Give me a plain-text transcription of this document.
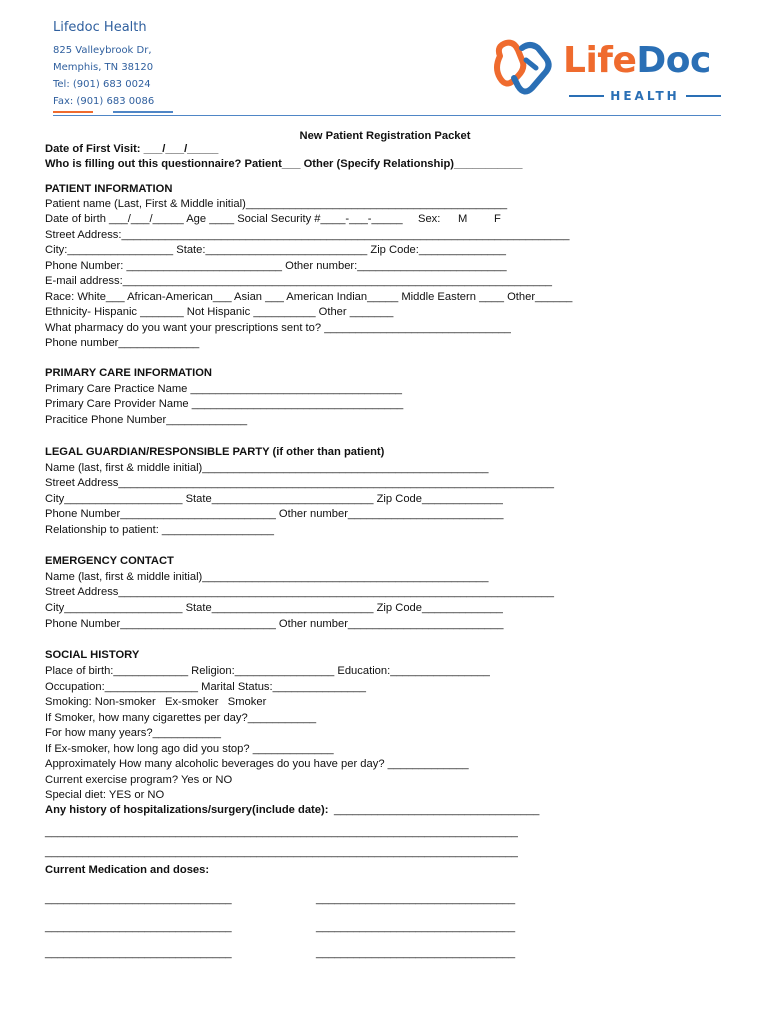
Lifedoc Health
825 Valleybrook Dr,
Memphis, TN 38120
Tel: (901) 683 0024
Fax: (901) 683 0086
LifeDoc
HEALTH
New Patient Registration Packet
Date of First Visit: ___/___/_____
Who is filling out this questionnaire? Patient___ Other (Specify Relationship)___________
PATIENT INFORMATION
Patient name (Last, First & Middle initial)__________________________________________
Date of birth ___/___/_____ Age ____ Social Security #____-___-_____ Sex: M F
Street Address:________________________________________________________________________
City:_________________ State:__________________________ Zip Code:______________
Phone Number: _________________________ Other number:________________________
E-mail address:_____________________________________________________________________
Race: White___ African-American___ Asian ___ American Indian_____ Middle Eastern ____ Other______
Ethnicity- Hispanic _______ Not Hispanic __________ Other _______
What pharmacy do you want your prescriptions sent to? ______________________________
Phone number_____________
PRIMARY CARE INFORMATION
Primary Care Practice Name __________________________________
Primary Care Provider Name __________________________________
Pracitice Phone Number_____________
LEGAL GUARDIAN/RESPONSIBLE PARTY (if other than patient)
Name (last, first & middle initial)______________________________________________
Street Address______________________________________________________________________
City___________________ State__________________________ Zip Code_____________
Phone Number_________________________ Other number_________________________
Relationship to patient: __________________
EMERGENCY CONTACT
Name (last, first & middle initial)______________________________________________
Street Address______________________________________________________________________
City___________________ State__________________________ Zip Code_____________
Phone Number_________________________ Other number_________________________
SOCIAL HISTORY
Place of birth:____________ Religion:________________ Education:________________
Occupation:_______________ Marital Status:_______________
Smoking: Non-smoker   Ex-smoker   Smoker
If Smoker, how many cigarettes per day?___________
For how many years?___________
If Ex-smoker, how long ago did you stop? _____________
Approximately How many alcoholic beverages do you have per day? _____________
Current exercise program? Yes or NO
Special diet: YES or NO
Any history of hospitalizations/surgery(include date): _________________________________
____________________________________________________________________________
____________________________________________________________________________
Current Medication and doses:
______________________________	________________________________
______________________________	________________________________
______________________________	________________________________
